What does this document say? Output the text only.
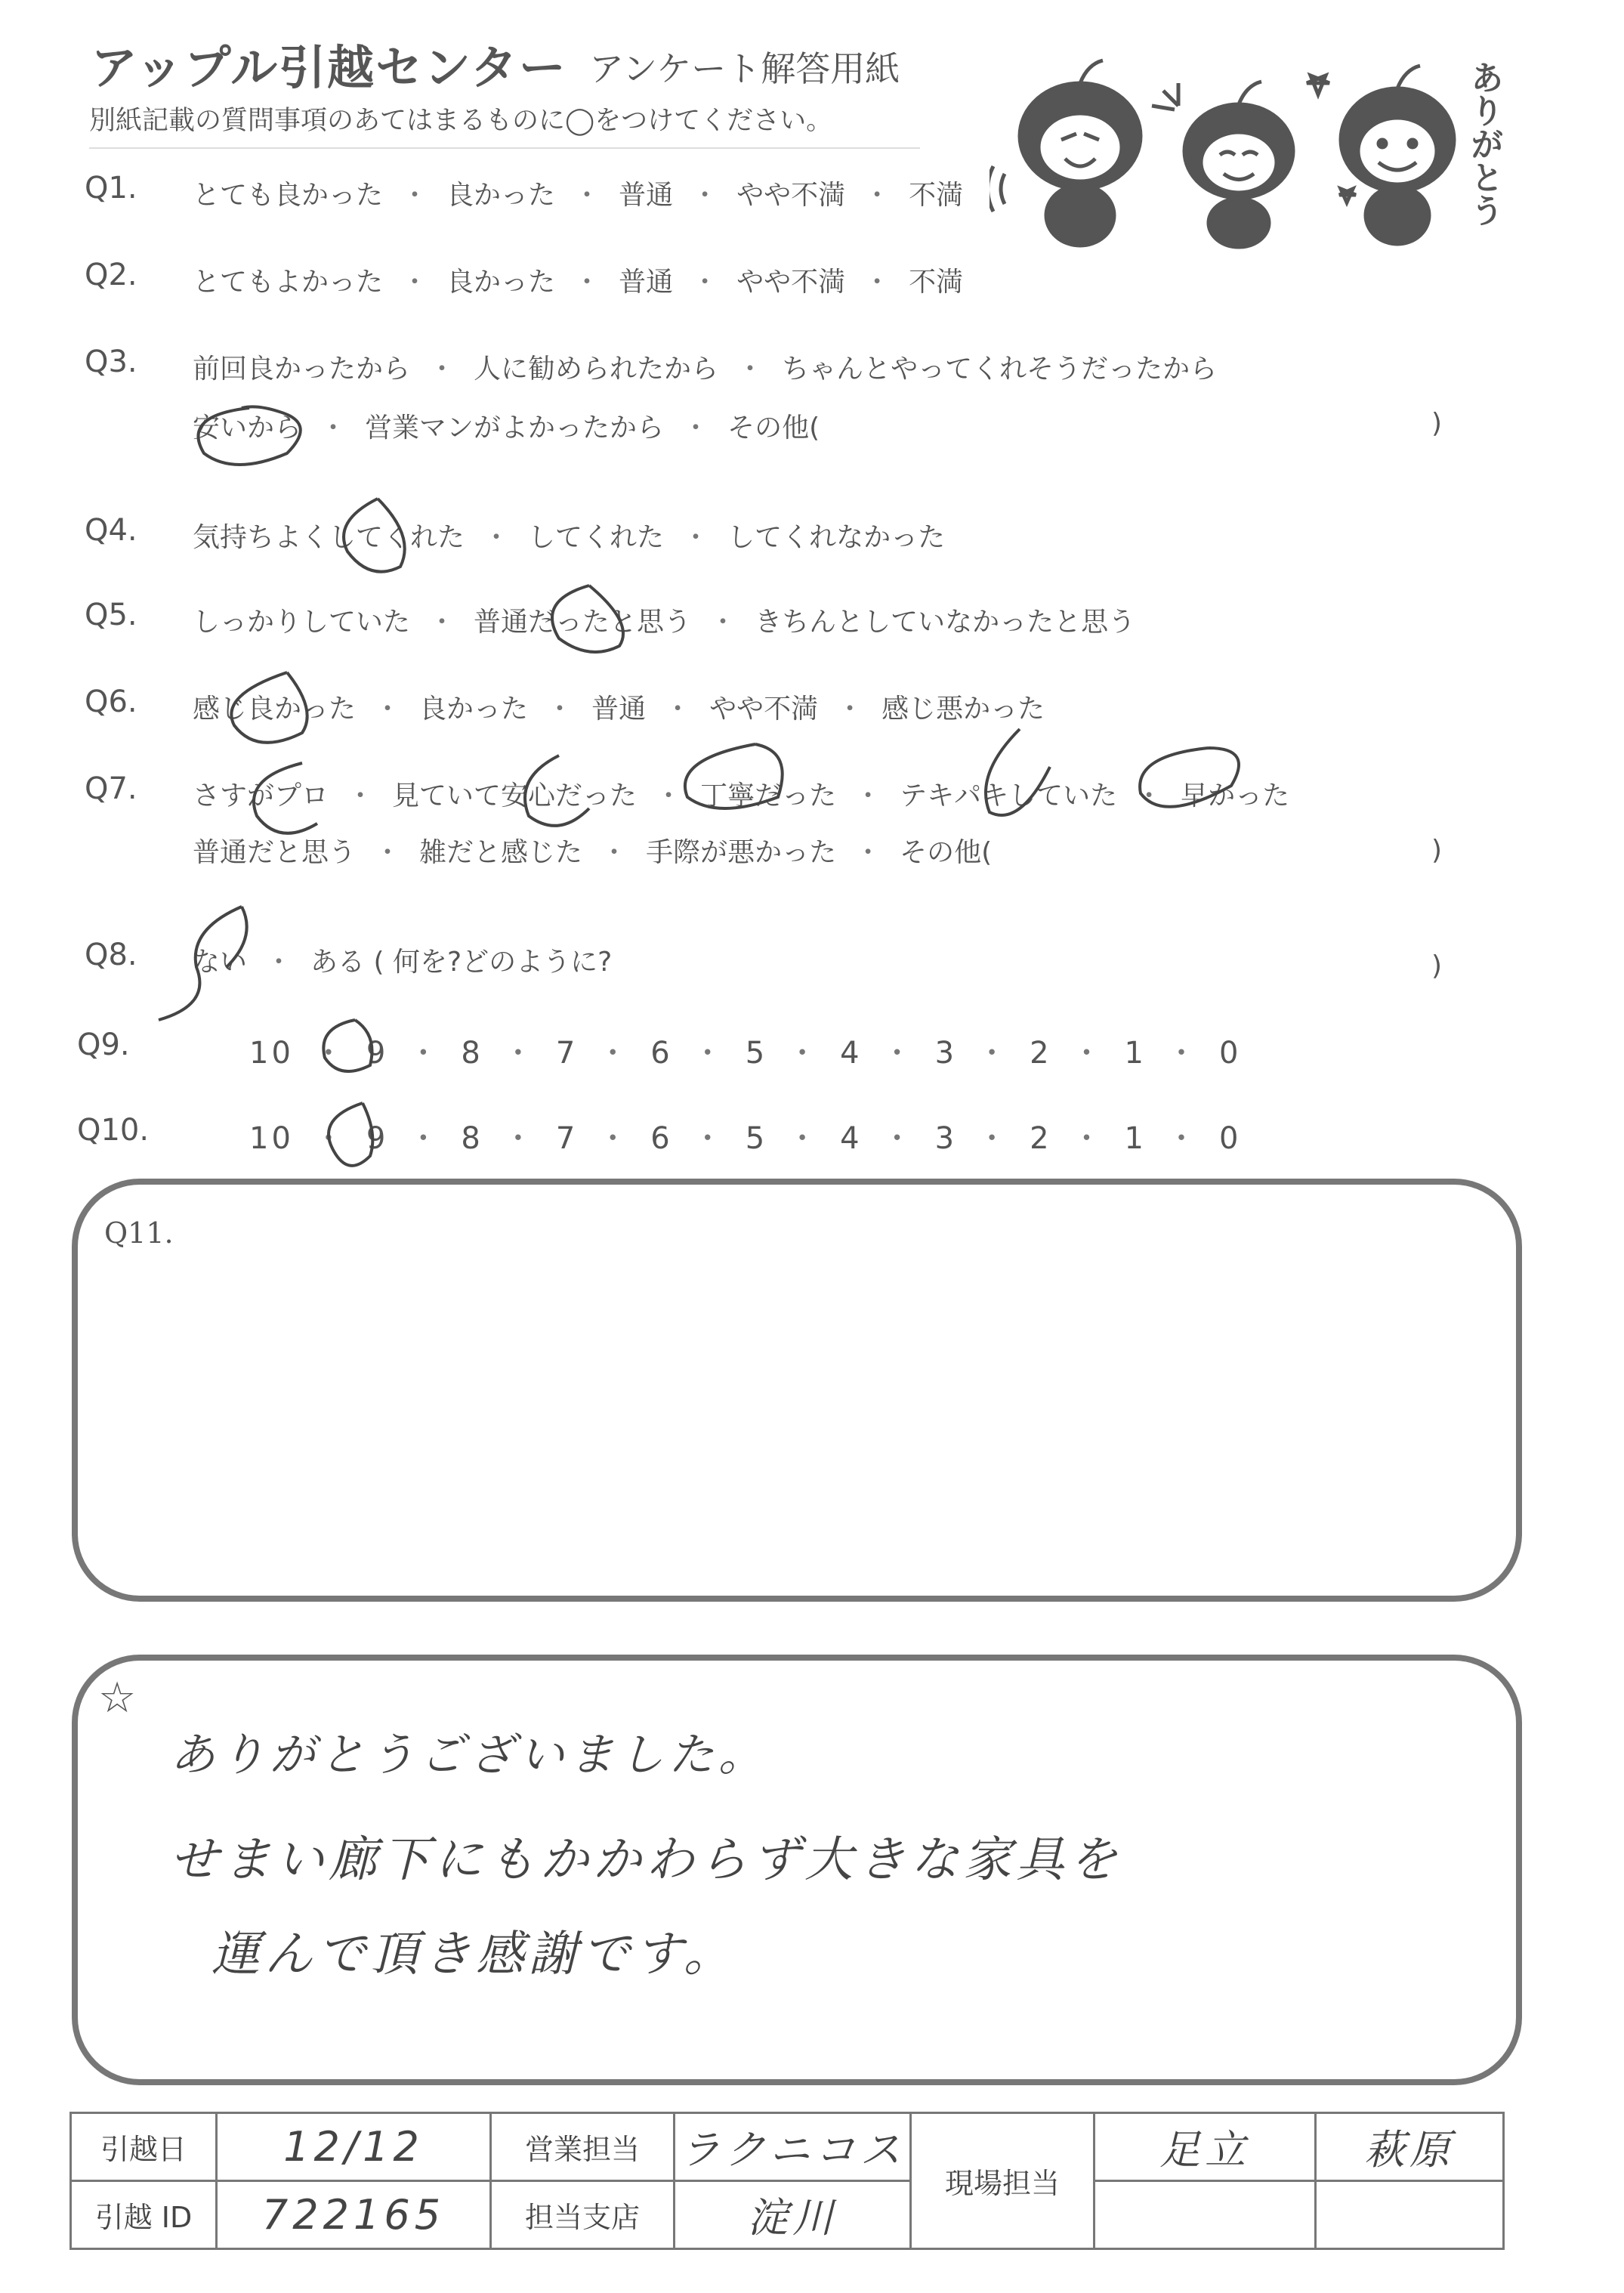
アップル引越センター アンケート解答用紙
別紙記載の質問事項のあてはまるものに◯をつけてください。	ありがとう
Q1. とても良かった ・ 良かった ・ 普通 ・ やや不満 ・ 不満
Q2. とてもよかった ・ 良かった ・ 普通 ・ やや不満 ・ 不満
Q3. 前回良かったから ・ 人に勧められたから ・ ちゃんとやってくれそうだったから
安いから ・ 営業マンがよかったから ・ その他(
Q4. 気持ちよくしてくれた ・ してくれた ・ してくれなかった
Q5. しっかりしていた ・ 普通だったと思う ・ きちんとしていなかったと思う
Q6. 感じ良かった ・ 良かった ・ 普通 ・ やや不満 ・ 感じ悪かった
Q7. さすがプロ ・ 見ていて安心だった ・ 丁寧だった ・ テキパキしていた ・ 早かった
普通だと思う ・ 雑だと感じた ・ 手際が悪かった ・ その他(
Q8. ない ・ ある ( 何を?どのように?
Q9.	10 ・ 9 ・ 8 ・ 7 ・ 6 ・ 5 ・ 4 ・ 3 ・ 2 ・ 1 ・ 0
Q10.	10 ・ 9 ・ 8 ・ 7 ・ 6 ・ 5 ・ 4 ・ 3 ・ 2 ・ 1 ・ 0
)
)
)
Q11.
☆
ありがとうございました。
せまい廊下にもかかわらず大きな家具を
運んで頂き感謝です。
引越日	12/12	営業担当	ラクニコス	現場担当	足立	萩原
引越 ID	722165	担当支店	淀川			
